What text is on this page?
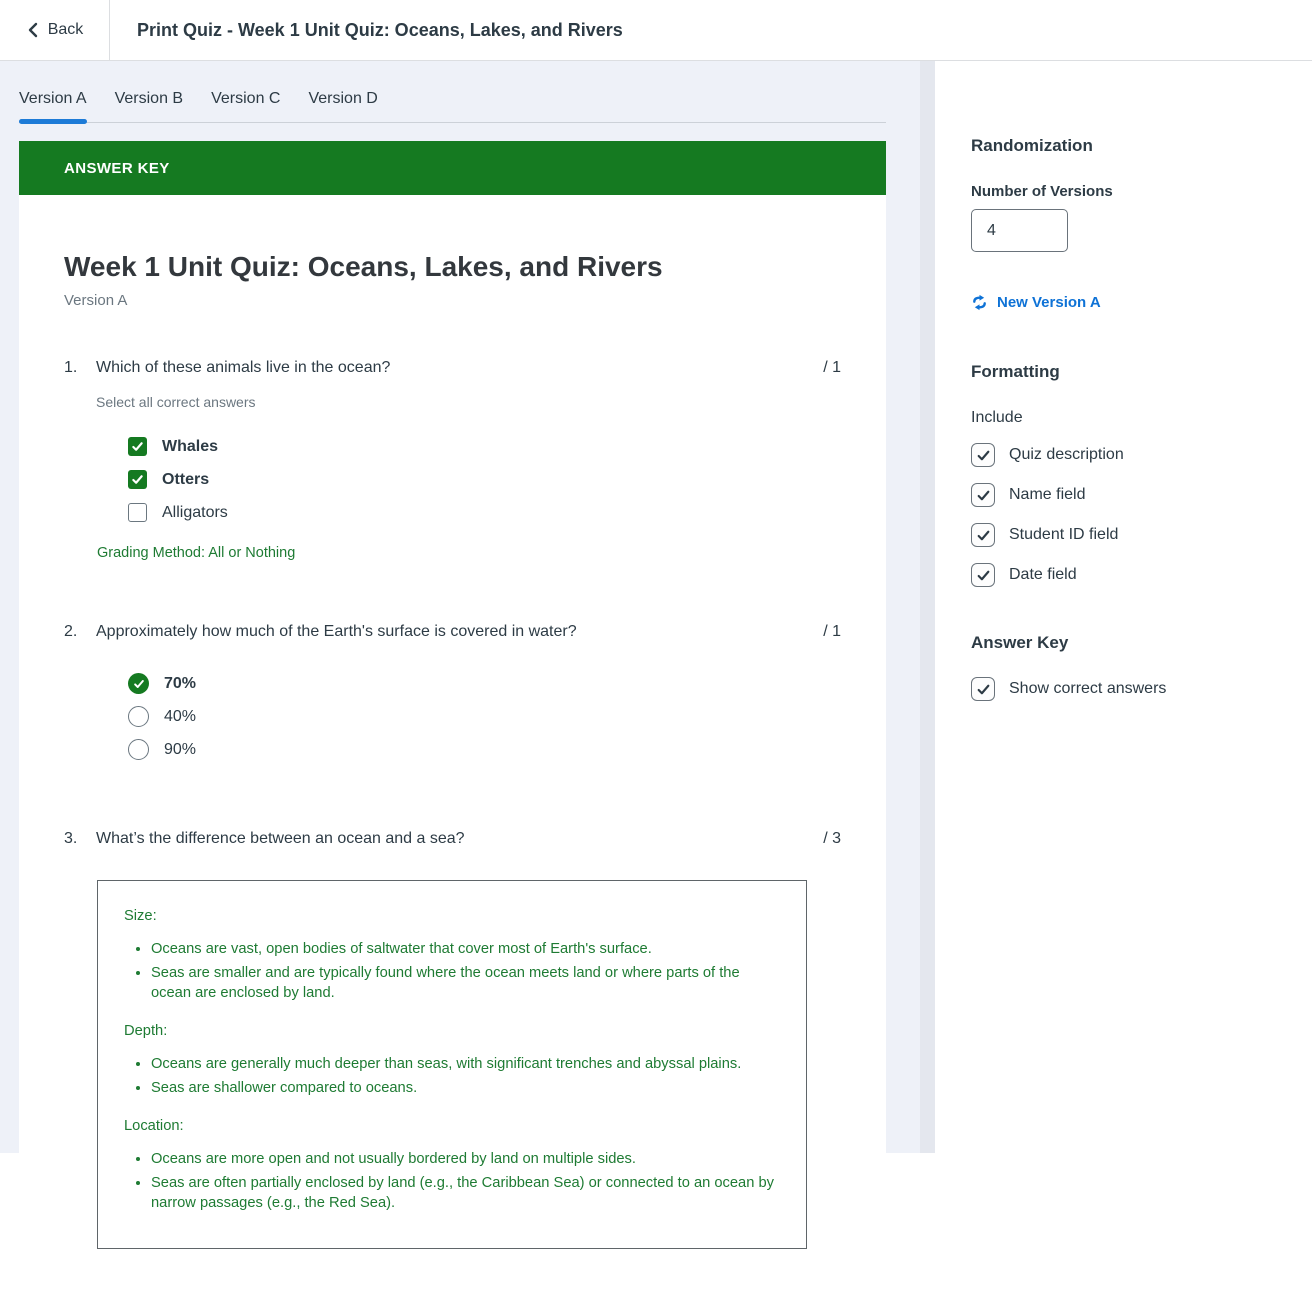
Back	Print Quiz - Week 1 Unit Quiz: Oceans, Lakes, and Rivers
Version A Version B Version C Version D
ANSWER KEY
Week 1 Unit Quiz: Oceans, Lakes, and Rivers
Version A
1.	Which of these animals live in the ocean?	/ 1
Select all correct answers
Whales
Otters
Alligators
Grading Method: All or Nothing
2.	Approximately how much of the Earth's surface is covered in water?	/ 1
70%
40%
90%
3.	What’s the difference between an ocean and a sea?	/ 3
Size:
• Oceans are vast, open bodies of saltwater that cover most of Earth's surface.
• Seas are smaller and are typically found where the ocean meets land or where parts of the ocean are enclosed by land.
Depth:
• Oceans are generally much deeper than seas, with significant trenches and abyssal plains.
• Seas are shallower compared to oceans.
Location:
• Oceans are more open and not usually bordered by land on multiple sides.
• Seas are often partially enclosed by land (e.g., the Caribbean Sea) or connected to an ocean by narrow passages (e.g., the Red Sea).
Randomization
Number of Versions
4
New Version A
Formatting
Include
Quiz description
Name field
Student ID field
Date field
Answer Key
Show correct answers
